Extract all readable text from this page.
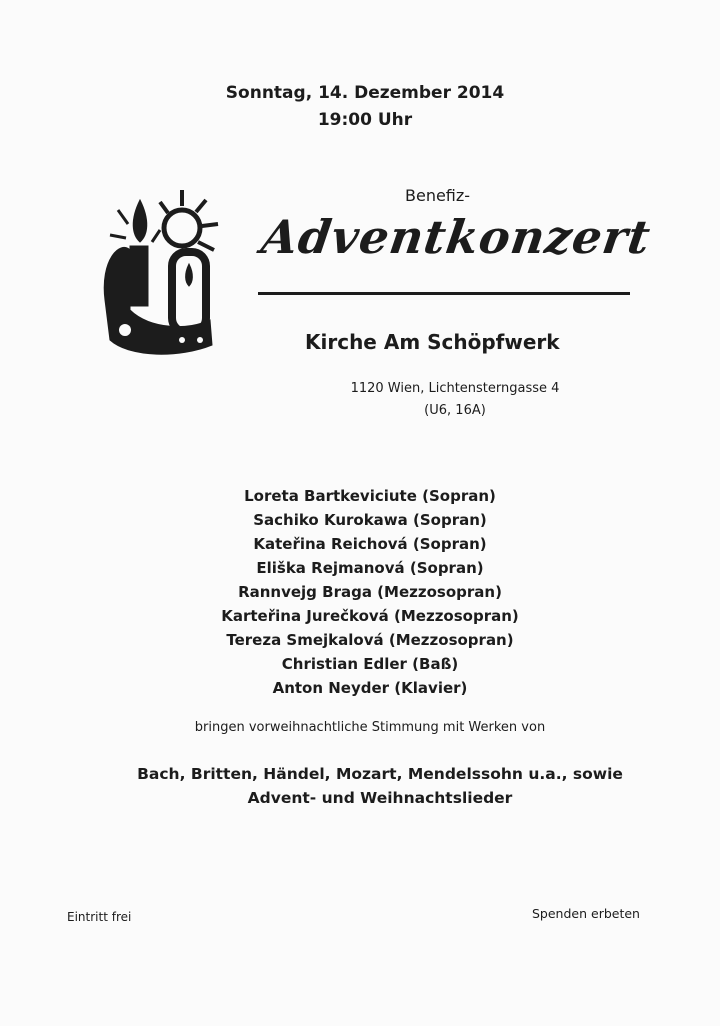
Sonntag, 14. Dezember 2014
19:00 Uhr
Benefiz-
Adventkonzert
Kirche Am Schöpfwerk
1120 Wien, Lichtensterngasse 4
(U6, 16A)
Loreta Bartkeviciute (Sopran)
Sachiko Kurokawa (Sopran)
Kateřina Reichová (Sopran)
Eliška Rejmanová (Sopran)
Rannvejg Braga (Mezzosopran)
Karteřina Jurečková (Mezzosopran)
Tereza Smejkalová (Mezzosopran)
Christian Edler (Baß)
Anton Neyder (Klavier)
bringen vorweihnachtliche Stimmung mit Werken von
Bach, Britten, Händel, Mozart, Mendelssohn u.a., sowie
Advent- und Weihnachtslieder
Eintritt frei	Spenden erbeten
